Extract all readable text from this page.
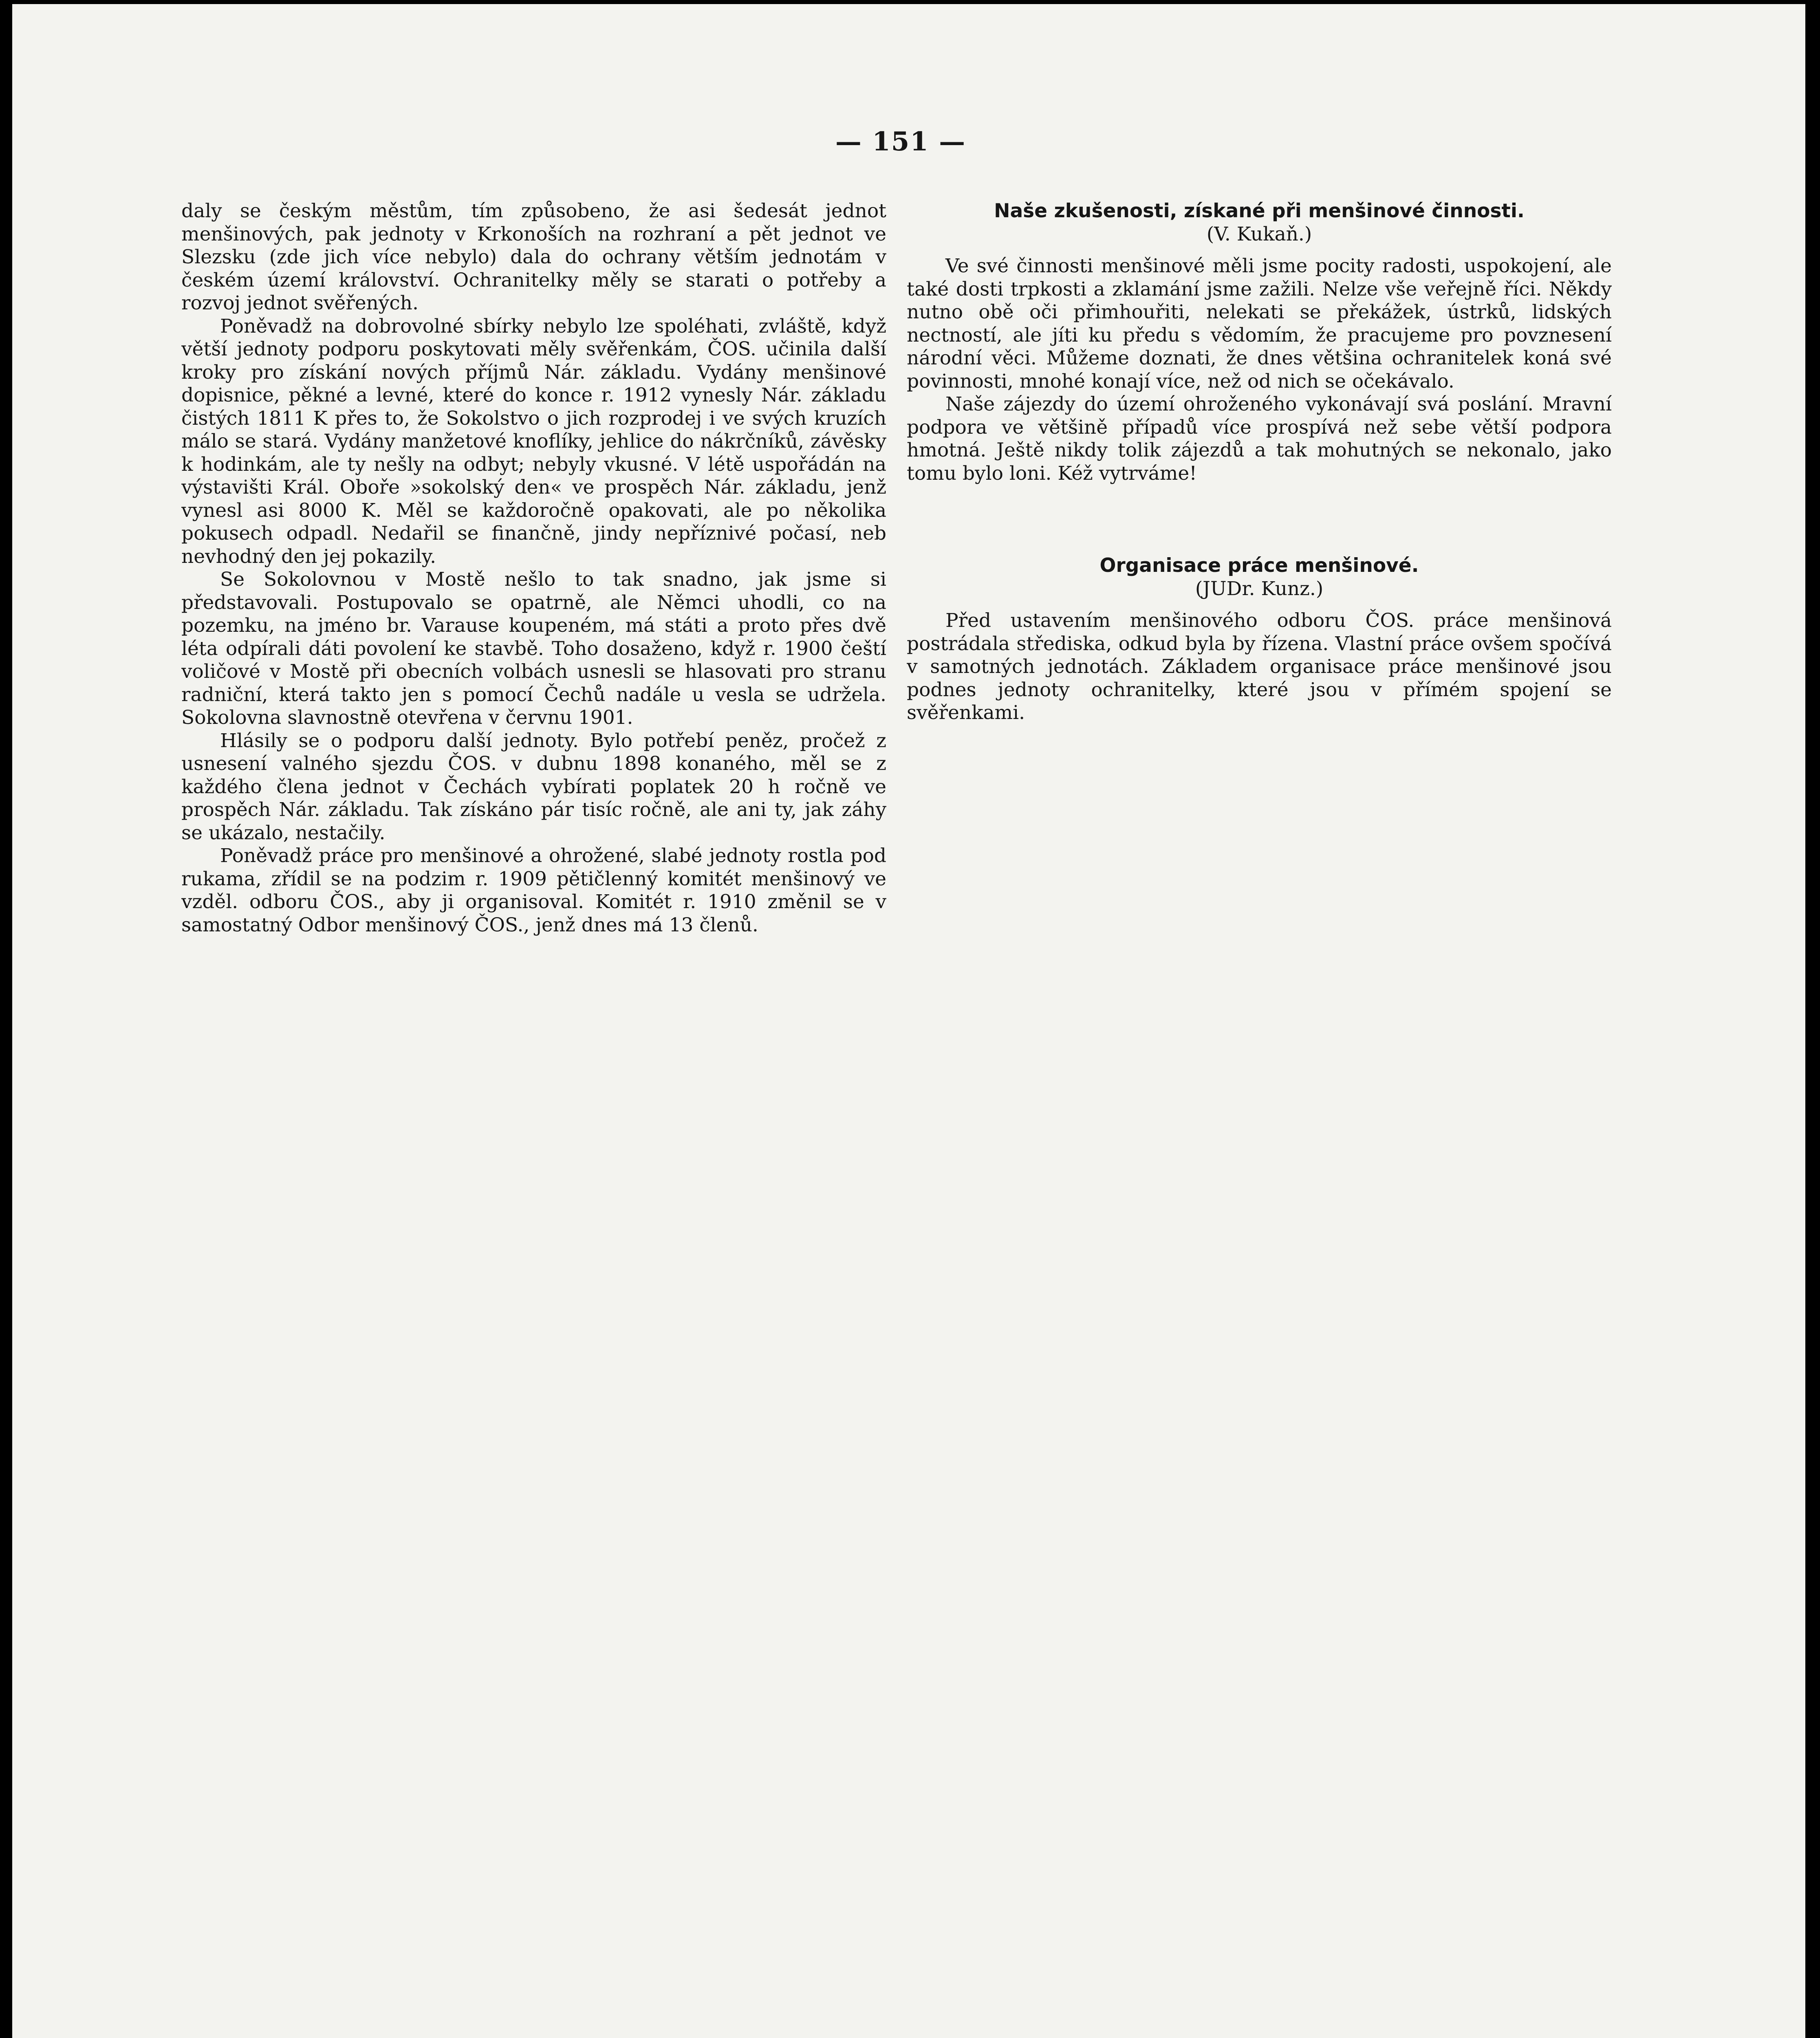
— 151 —

daly se českým městům, tím způsobeno, že asi šedesát jednot menšinových, pak jednoty v Krkonoších na rozhraní a pět jednot ve Slezsku (zde jich více nebylo) dala do ochrany větším jednotám v českém území království. Ochranitelky měly se starati o potřeby a rozvoj jednot svěřených.

Poněvadž na dobrovolné sbírky nebylo lze spoléhati, zvláště, když větší jednoty podporu poskytovati měly svěřenkám, ČOS. učinila další kroky pro získání nových příjmů Nár. základu. Vydány menšinové dopisnice, pěkné a levné, které do konce r. 1912 vynesly Nár. základu čistých 1811 K přes to, že Sokolstvo o jich rozprodej i ve svých kruzích málo se stará. Vydány manžetové knoflíky, jehlice do nákrčníků, závěsky k hodinkám, ale ty nešly na odbyt; nebyly vkusné. V létě uspořádán na výstavišti Král. Obořе »sokolský den« ve prospěch Nár. základu, jenž vynesl asi 8000 K. Měl se každoročně opakovati, ale po několika pokusech odpadl. Nedařil se finančně, jindy nepříznivé počasí, neb nevhodný den jej pokazily.

Se Sokolovnou v Mostě nešlo to tak snadno, jak jsme si představovali. Postupovalo se opatrně, ale Němci uhodli, co na pozemku, na jméno br. Varause koupeném, má státi a proto přes dvě léta odpírali dáti povolení ke stavbě. Toho dosaženo, když r. 1900 čeští voličové v Mostě při obecních volbách usnesli se hlasovati pro stranu radniční, která takto jen s pomocí Čechů nadále u vesla se udržela. Sokolovna slavnostně otevřena v červnu 1901.

Hlásily se o podporu další jednoty. Bylo potřebí peněz, pročež z usnesení valného sjezdu ČOS. v dubnu 1898 konaného, měl se z každého člena jednot v Čechách vybírati poplatek 20 h ročně ve prospěch Nár. základu. Tak získáno pár tisíc ročně, ale ani ty, jak záhy se ukázalo, nestačily.

Poněvadž práce pro menšinové a ohrožené, slabé jednoty rostla pod rukama, zřídil se na podzim r. 1909 pětičlenný komitét menšinový ve vzděl. odboru ČOS., aby ji organisoval. Komitét r. 1910 změnil se v samostatný Odbor menšinový ČOS., jenž dnes má 13 členů.

Naše zkušenosti, získané při menšinové činnosti.
(V. Kukaň.)

Ve své činnosti menšinové měli jsme pocity radosti, uspokojení, ale také dosti trpkosti a zklamání jsme zažili. Nelze vše veřejně říci. Někdy nutno obě oči přimhouřiti, nelekati se překážek, ústrků, lidských nectností, ale jíti ku předu s vědomím, že pracujeme pro povznesení národní věci. Můžeme doznati, že dnes většina ochranitelek koná své povinnosti, mnohé konají více, než od nich se očekávalo.

Naše zájezdy do území ohroženého vykonávají svá poslání. Mravní podpora ve většině případů více prospívá než sebe větší podpora hmotná. Ještě nikdy tolik zájezdů a tak mohutných se nekonalo, jako tomu bylo loni. Kéž vytrváme!

Organisace práce menšinové.
(JUDr. Kunz.)

Před ustavením menšinového odboru ČOS. práce menšinová postrádala střediska, odkud byla by řízena. Vlastní práce ovšem spočívá v samotných jednotách. Základem organisace práce menšinové jsou podnes jednoty ochranitelky, které jsou v přímém spojení se svěřenkami.
